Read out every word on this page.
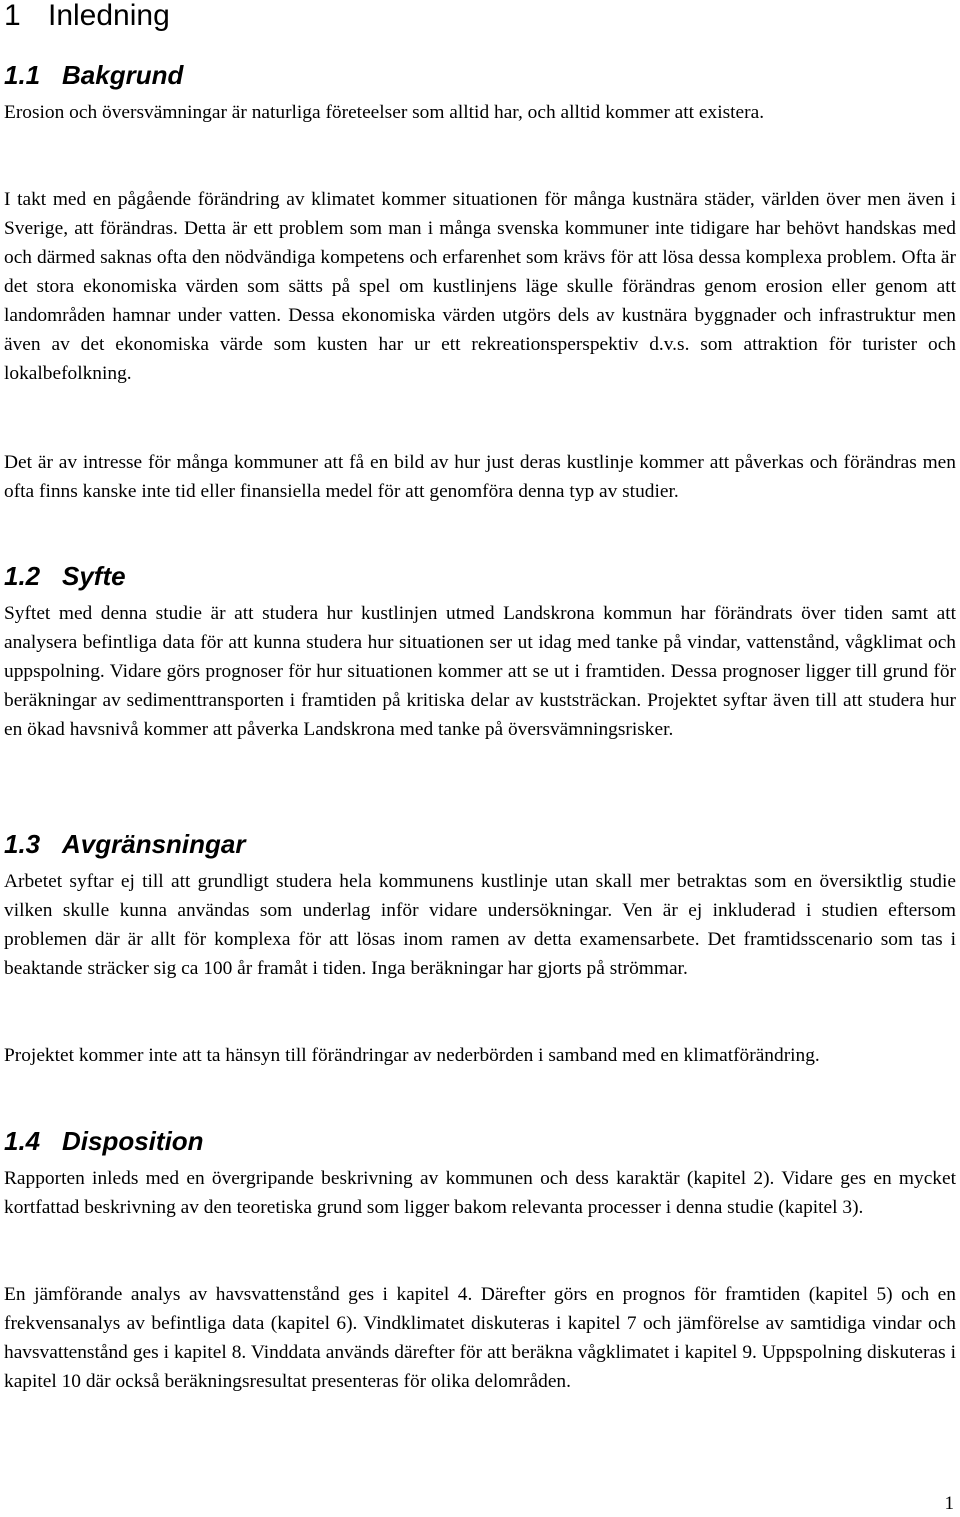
1 Inledning
1.1 Bakgrund

Erosion och översvämningar är naturliga företeelser som alltid har, och alltid kommer att existera.

I takt med en pågående förändring av klimatet kommer situationen för många kustnära städer, världen över men även i Sverige, att förändras. Detta är ett problem som man i många svenska kommuner inte tidigare har behövt handskas med och därmed saknas ofta den nödvändiga kompetens och erfarenhet som krävs för att lösa dessa komplexa problem. Ofta är det stora ekonomiska värden som sätts på spel om kustlinjens läge skulle förändras genom erosion eller genom att landområden hamnar under vatten. Dessa ekonomiska värden utgörs dels av kustnära byggnader och infrastruktur men även av det ekonomiska värde som kusten har ur ett rekreationsperspektiv d.v.s. som attraktion för turister och lokalbefolkning.

Det är av intresse för många kommuner att få en bild av hur just deras kustlinje kommer att påverkas och förändras men ofta finns kanske inte tid eller finansiella medel för att genomföra denna typ av studier.

1.2 Syfte

Syftet med denna studie är att studera hur kustlinjen utmed Landskrona kommun har förändrats över tiden samt att analysera befintliga data för att kunna studera hur situationen ser ut idag med tanke på vindar, vattenstånd, vågklimat och uppspolning. Vidare görs prognoser för hur situationen kommer att se ut i framtiden. Dessa prognoser ligger till grund för beräkningar av sedimenttransporten i framtiden på kritiska delar av kuststräckan. Projektet syftar även till att studera hur en ökad havsnivå kommer att påverka Landskrona med tanke på översvämningsrisker.

1.3 Avgränsningar

Arbetet syftar ej till att grundligt studera hela kommunens kustlinje utan skall mer betraktas som en översiktlig studie vilken skulle kunna användas som underlag inför vidare undersökningar. Ven är ej inkluderad i studien eftersom problemen där är allt för komplexa för att lösas inom ramen av detta examensarbete. Det framtidsscenario som tas i beaktande sträcker sig ca 100 år framåt i tiden. Inga beräkningar har gjorts på strömmar.

Projektet kommer inte att ta hänsyn till förändringar av nederbörden i samband med en klimatförändring.

1.4 Disposition

Rapporten inleds med en övergripande beskrivning av kommunen och dess karaktär (kapitel 2). Vidare ges en mycket kortfattad beskrivning av den teoretiska grund som ligger bakom relevanta processer i denna studie (kapitel 3).

En jämförande analys av havsvattenstånd ges i kapitel 4. Därefter görs en prognos för framtiden (kapitel 5) och en frekvensanalys av befintliga data (kapitel 6). Vindklimatet diskuteras i kapitel 7 och jämförelse av samtidiga vindar och havsvattenstånd ges i kapitel 8. Vinddata används därefter för att beräkna vågklimatet i kapitel 9. Uppspolning diskuteras i kapitel 10 där också beräkningsresultat presenteras för olika delområden.

1
